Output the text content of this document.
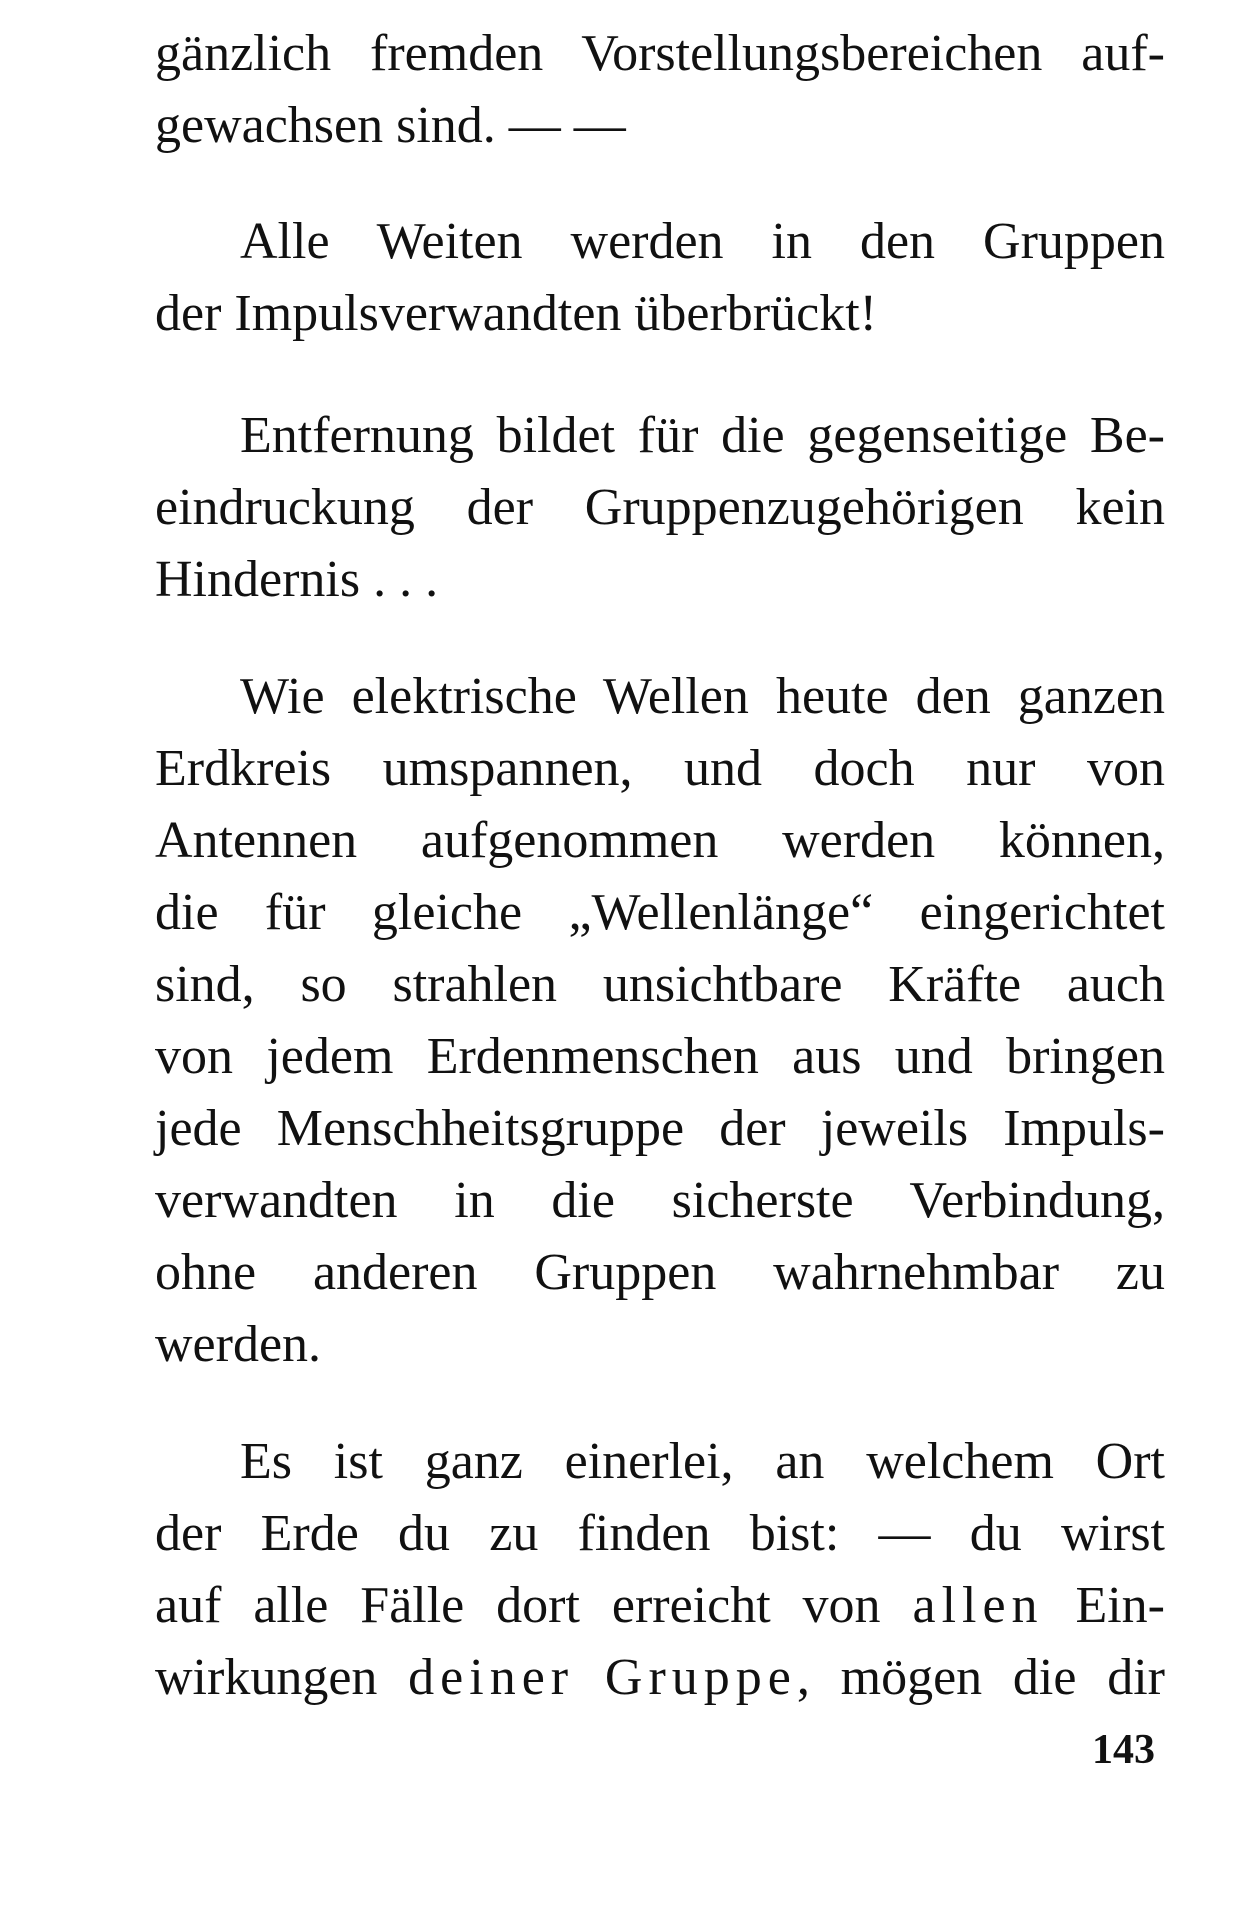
gänzlich fremden Vorstellungsbereichen auf-
gewachsen sind. — —
Alle Weiten werden in den Gruppen
der Impulsverwandten überbrückt!
Entfernung bildet für die gegenseitige Be-
eindruckung der Gruppenzugehörigen kein
Hindernis . . .
Wie elektrische Wellen heute den ganzen
Erdkreis umspannen, und doch nur von
Antennen aufgenommen werden können,
die für gleiche „Wellenlänge“ eingerichtet
sind, so strahlen unsichtbare Kräfte auch
von jedem Erdenmenschen aus und bringen
jede Menschheitsgruppe der jeweils Impuls-
verwandten in die sicherste Verbindung,
ohne anderen Gruppen wahrnehmbar zu
werden.
Es ist ganz einerlei, an welchem Ort
der Erde du zu finden bist: — du wirst
auf alle Fälle dort erreicht von allen Ein-
wirkungen deiner Gruppe, mögen die dir
143
